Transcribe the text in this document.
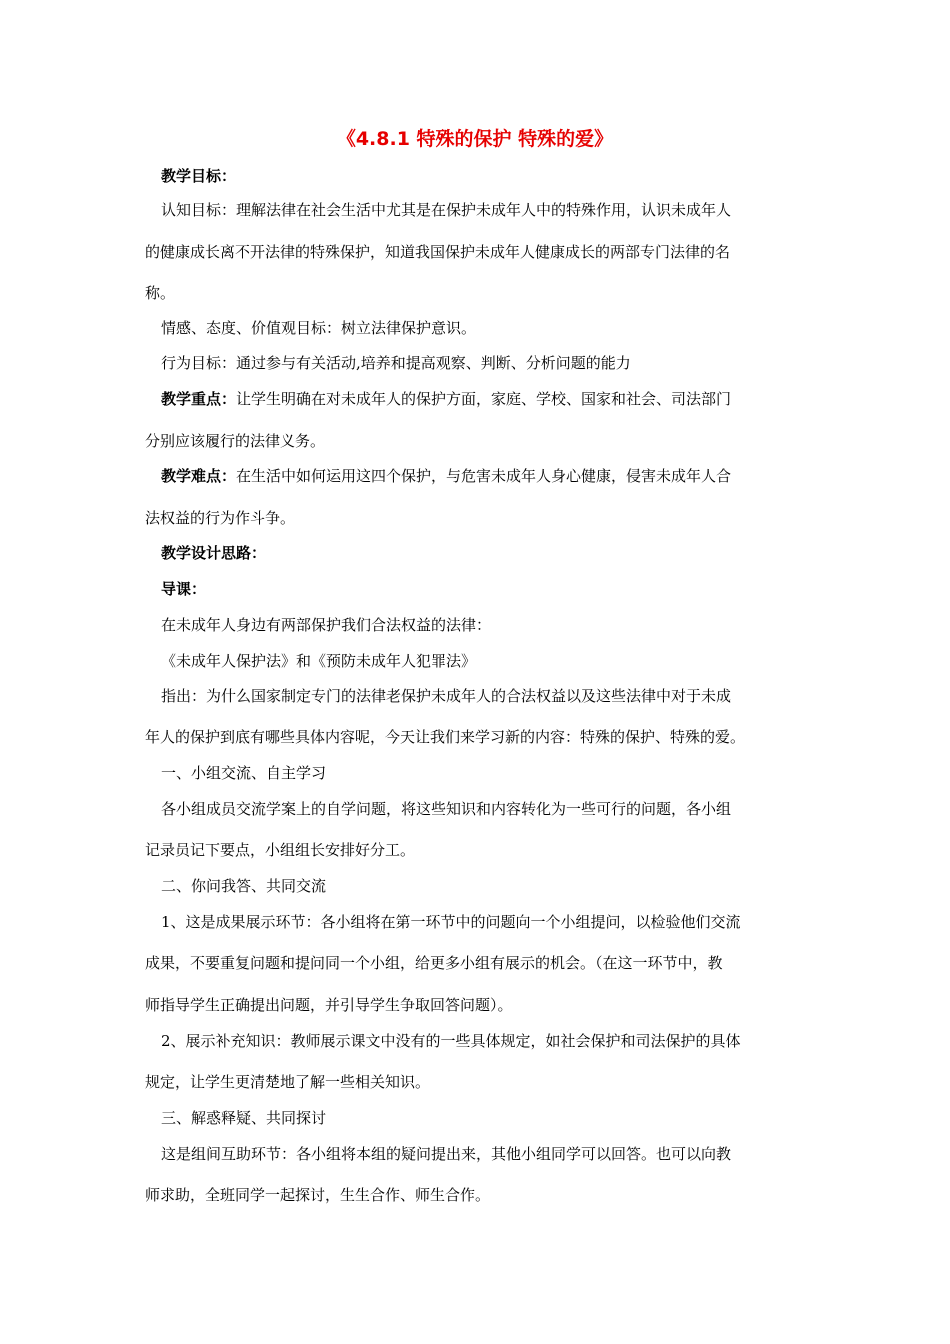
《4.8.1 特殊的保护 特殊的爱》
教学目标：
认知目标：理解法律在社会生活中尤其是在保护未成年人中的特殊作用，认识未成年人
的健康成长离不开法律的特殊保护，知道我国保护未成年人健康成长的两部专门法律的名
称。
情感、态度、价值观目标：树立法律保护意识。
行为目标：通过参与有关活动,培养和提高观察、判断、分析问题的能力
教学重点：让学生明确在对未成年人的保护方面，家庭、学校、国家和社会、司法部门
分别应该履行的法律义务。
教学难点：在生活中如何运用这四个保护，与危害未成年人身心健康，侵害未成年人合
法权益的行为作斗争。
教学设计思路：
导课：
在未成年人身边有两部保护我们合法权益的法律：
《未成年人保护法》和《预防未成年人犯罪法》
指出：为什么国家制定专门的法律老保护未成年人的合法权益以及这些法律中对于未成
年人的保护到底有哪些具体内容呢，今天让我们来学习新的内容：特殊的保护、特殊的爱。
一、小组交流、自主学习
各小组成员交流学案上的自学问题，将这些知识和内容转化为一些可行的问题，各小组
记录员记下要点，小组组长安排好分工。
二、你问我答、共同交流
1、这是成果展示环节：各小组将在第一环节中的问题向一个小组提问，以检验他们交流
成果，不要重复问题和提问同一个小组，给更多小组有展示的机会。（在这一环节中，教
师指导学生正确提出问题，并引导学生争取回答问题）。
2、展示补充知识：教师展示课文中没有的一些具体规定，如社会保护和司法保护的具体
规定，让学生更清楚地了解一些相关知识。
三、解惑释疑、共同探讨
这是组间互助环节：各小组将本组的疑问提出来，其他小组同学可以回答。也可以向教
师求助，全班同学一起探讨，生生合作、师生合作。
